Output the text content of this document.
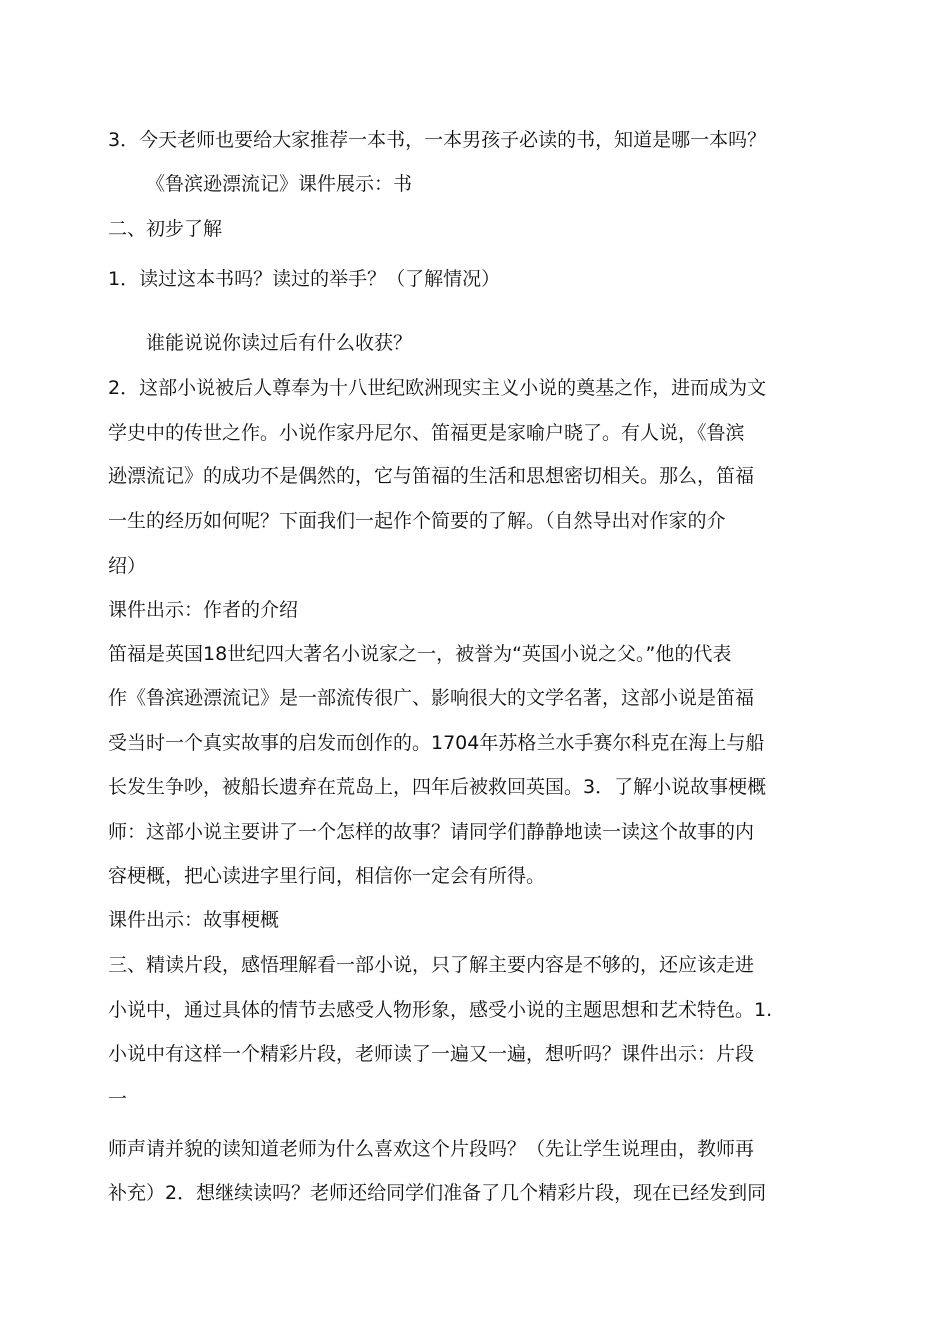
3．今天老师也要给大家推荐一本书，一本男孩子必读的书，知道是哪一本吗？

《鲁滨逊漂流记》课件展示：书

二、初步了解

1．读过这本书吗？读过的举手？（了解情况）

谁能说说你读过后有什么收获？

2．这部小说被后人尊奉为十八世纪欧洲现实主义小说的奠基之作，进而成为文

学史中的传世之作。小说作家丹尼尔、笛福更是家喻户晓了。有人说，《鲁滨

逊漂流记》的成功不是偶然的，它与笛福的生活和思想密切相关。那么，笛福

一生的经历如何呢？下面我们一起作个简要的了解。（自然导出对作家的介

绍）

课件出示：作者的介绍

笛福是英国18世纪四大著名小说家之一，被誉为“英国小说之父。”他的代表

作《鲁滨逊漂流记》是一部流传很广、影响很大的文学名著，这部小说是笛福

受当时一个真实故事的启发而创作的。1704年苏格兰水手赛尔科克在海上与船

长发生争吵，被船长遗弃在荒岛上，四年后被救回英国。3．了解小说故事梗概

师：这部小说主要讲了一个怎样的故事？请同学们静静地读一读这个故事的内

容梗概，把心读进字里行间，相信你一定会有所得。

课件出示：故事梗概

三、精读片段，感悟理解看一部小说，只了解主要内容是不够的，还应该走进

小说中，通过具体的情节去感受人物形象，感受小说的主题思想和艺术特色。1.

小说中有这样一个精彩片段，老师读了一遍又一遍，想听吗？课件出示：片段

一

师声请并貌的读知道老师为什么喜欢这个片段吗？（先让学生说理由，教师再

补充）2．想继续读吗？老师还给同学们准备了几个精彩片段，现在已经发到同
